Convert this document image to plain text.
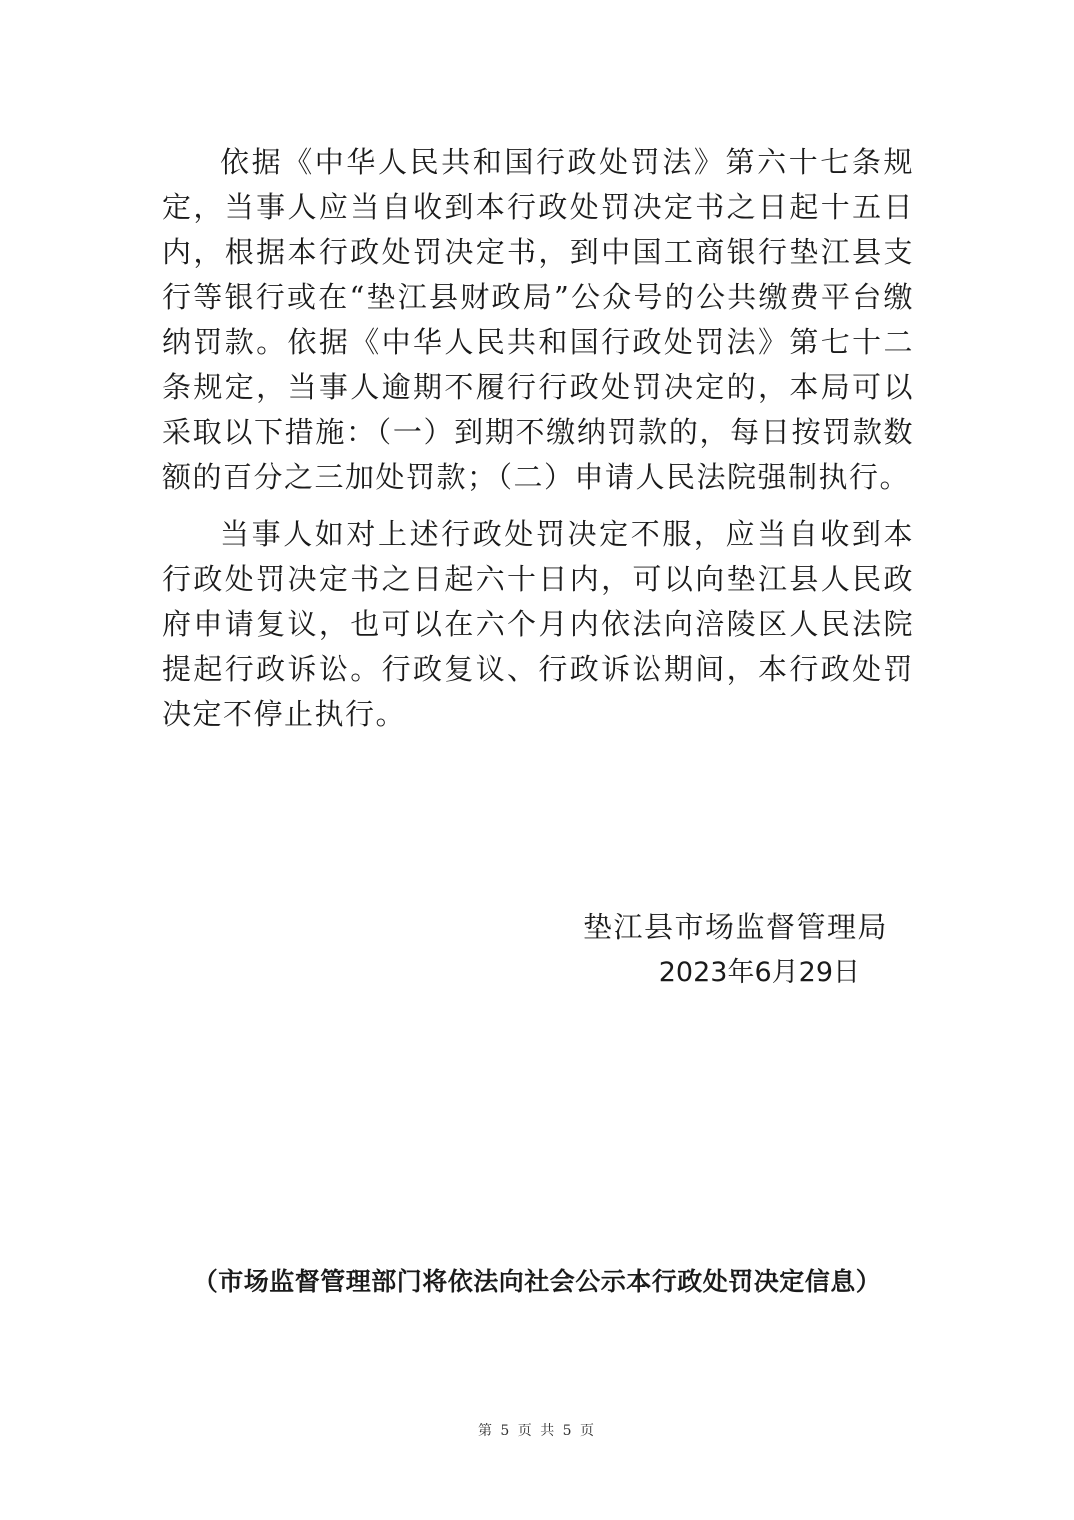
依据《中华人民共和国行政处罚法》第六十七条规定，当事人应当自收到本行政处罚决定书之日起十五日内，根据本行政处罚决定书，到中国工商银行垫江县支行等银行或在“垫江县财政局”公众号的公共缴费平台缴纳罚款。依据《中华人民共和国行政处罚法》第七十二条规定，当事人逾期不履行行政处罚决定的，本局可以采取以下措施：（一）到期不缴纳罚款的，每日按罚款数额的百分之三加处罚款；（二）申请人民法院强制执行。

当事人如对上述行政处罚决定不服，应当自收到本行政处罚决定书之日起六十日内，可以向垫江县人民政府申请复议，也可以在六个月内依法向涪陵区人民法院提起行政诉讼。行政复议、行政诉讼期间，本行政处罚决定不停止执行。

垫江县市场监督管理局
2023年6月29日
（市场监督管理部门将依法向社会公示本行政处罚决定信息）
第 5 页 共 5 页
